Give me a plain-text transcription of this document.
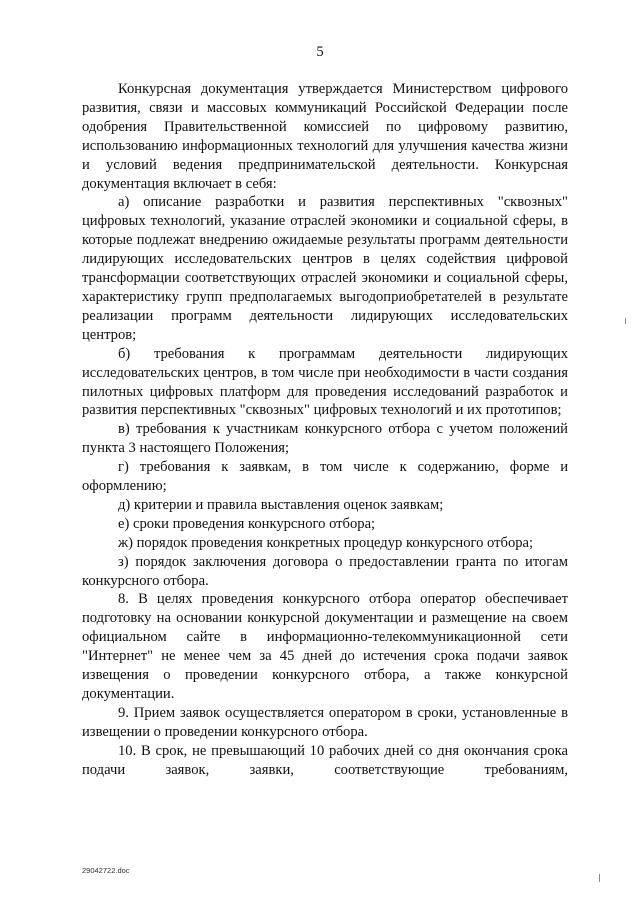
5

Конкурсная документация утверждается Министерством цифрового развития, связи и массовых коммуникаций Российской Федерации после одобрения Правительственной комиссией по цифровому развитию, использованию информационных технологий для улучшения качества жизни и условий ведения предпринимательской деятельности. Конкурсная документация включает в себя:

а) описание разработки и развития перспективных "сквозных" цифровых технологий, указание отраслей экономики и социальной сферы, в которые подлежат внедрению ожидаемые результаты программ деятельности лидирующих исследовательских центров в целях содействия цифровой трансформации соответствующих отраслей экономики и социальной сферы, характеристику групп предполагаемых выгодоприобретателей в результате реализации программ деятельности лидирующих исследовательских центров;

б) требования к программам деятельности лидирующих исследовательских центров, в том числе при необходимости в части создания пилотных цифровых платформ для проведения исследований разработок и развития перспективных "сквозных" цифровых технологий и их прототипов;

в) требования к участникам конкурсного отбора с учетом положений пункта 3 настоящего Положения;

г) требования к заявкам, в том числе к содержанию, форме и оформлению;

д) критерии и правила выставления оценок заявкам;

е) сроки проведения конкурсного отбора;

ж) порядок проведения конкретных процедур конкурсного отбора;

з) порядок заключения договора о предоставлении гранта по итогам конкурсного отбора.

8. В целях проведения конкурсного отбора оператор обеспечивает подготовку на основании конкурсной документации и размещение на своем официальном сайте в информационно-телекоммуникационной сети "Интернет" не менее чем за 45 дней до истечения срока подачи заявок извещения о проведении конкурсного отбора, а также конкурсной документации.

9. Прием заявок осуществляется оператором в сроки, установленные в извещении о проведении конкурсного отбора.

10. В срок, не превышающий 10 рабочих дней со дня окончания срока подачи заявок, заявки, соответствующие требованиям,

29042722.doc
